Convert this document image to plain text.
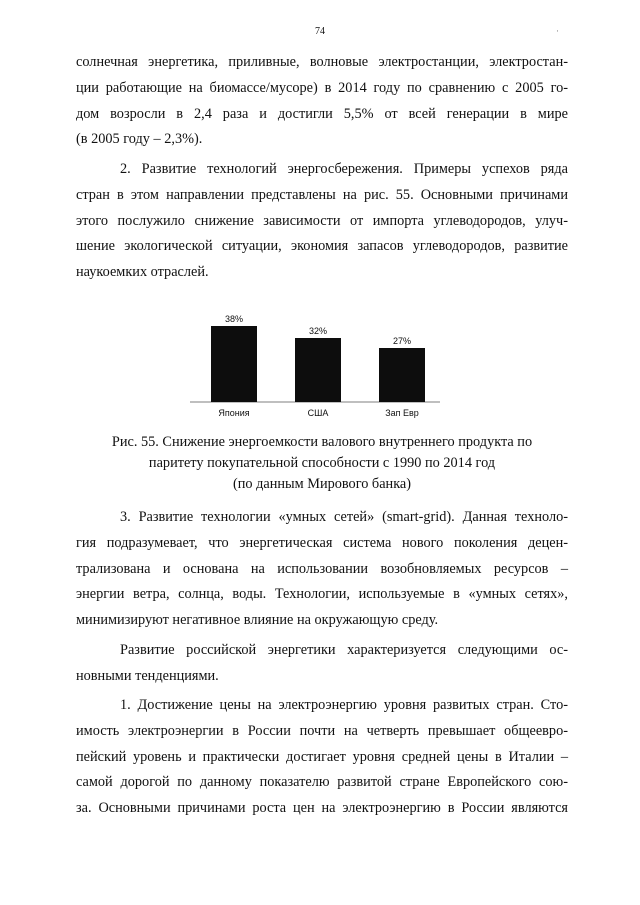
74	·

солнечная энергетика, приливные, волновые электростанции, электростан-
ции работающие на биомассе/мусоре) в 2014 году по сравнению с 2005 го-
дом возросли в 2,4 раза и достигли 5,5% от всей генерации в мире
(в 2005 году – 2,3%).

2. Развитие технологий энергосбережения. Примеры успехов ряда
стран в этом направлении представлены на рис. 55. Основными причинами
этого послужило снижение зависимости от импорта углеводородов, улуч-
шение экологической ситуации, экономия запасов углеводородов, развитие
наукоемких отраслей.

38%
Япония
32%
США
27%
Зап Евр

Рис. 55. Снижение энергоемкости валового внутреннего продукта по
паритету покупательной способности с 1990 по 2014 год
(по данным Мирового банка)

3. Развитие технологии «умных сетей» (smart-grid). Данная техноло-
гия подразумевает, что энергетическая система нового поколения децен-
трализована и основана на использовании возобновляемых ресурсов –
энергии ветра, солнца, воды. Технологии, используемые в «умных сетях»,
минимизируют негативное влияние на окружающую среду.

Развитие российской энергетики характеризуется следующими ос-
новными тенденциями.

1. Достижение цены на электроэнергию уровня развитых стран. Сто-
имость электроэнергии в России почти на четверть превышает общеевро-
пейский уровень и практически достигает уровня средней цены в Италии –
самой дорогой по данному показателю развитой стране Европейского сою-
за. Основными причинами роста цен на электроэнергию в России являются
